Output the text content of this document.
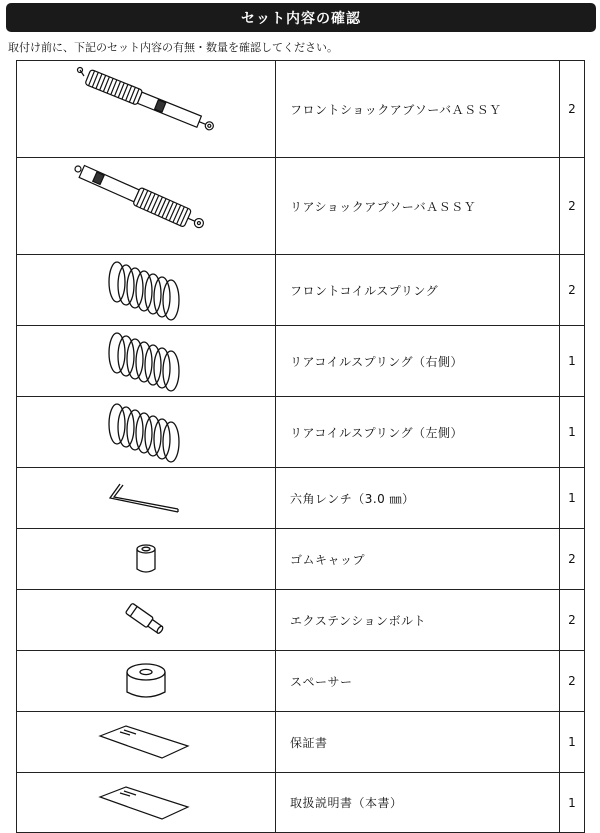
セット内容の確認
取付け前に、下記のセット内容の有無・数量を確認してください。
	フロントショックアブソーバＡＳＳＹ	2

	リアショックアブソーバＡＳＳＹ	2

	フロントコイルスプリング	2

	リアコイルスプリング（右側）	1

	リアコイルスプリング（左側）	1

	六角レンチ（3.0 ㎜）	1

	ゴムキャップ	2

	エクステンションボルト	2

	スペーサー	2

	保証書	1

	取扱説明書（本書）	1
